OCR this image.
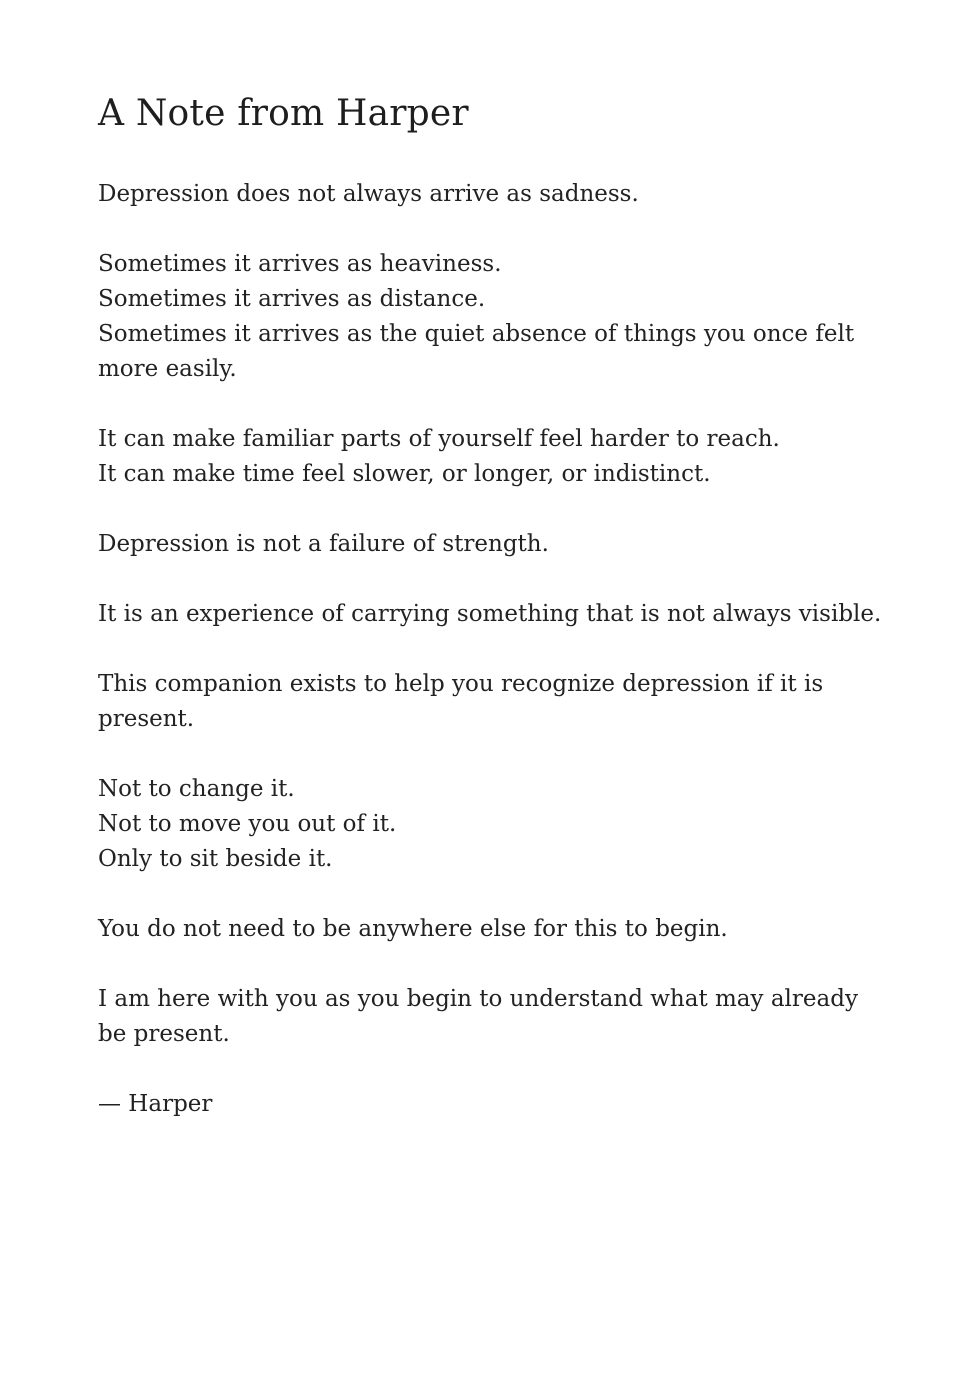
A Note from Harper

Depression does not always arrive as sadness.

Sometimes it arrives as heaviness.
Sometimes it arrives as distance.
Sometimes it arrives as the quiet absence of things you once felt more easily.

It can make familiar parts of yourself feel harder to reach.
It can make time feel slower, or longer, or indistinct.

Depression is not a failure of strength.

It is an experience of carrying something that is not always visible.

This companion exists to help you recognize depression if it is present.

Not to change it.
Not to move you out of it.
Only to sit beside it.

You do not need to be anywhere else for this to begin.

I am here with you as you begin to understand what may already be present.

— Harper
